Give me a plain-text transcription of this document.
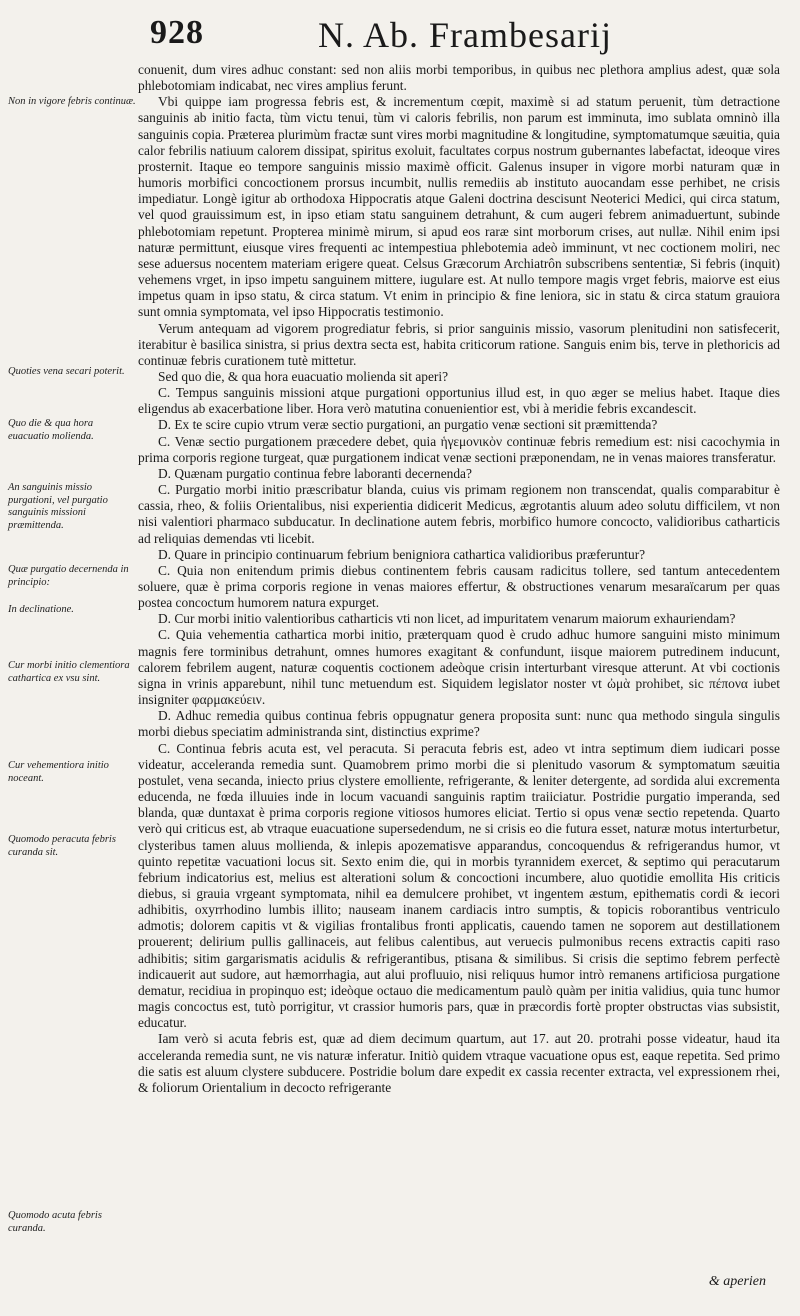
928	N. Ab. Frambesarij
Non in vigore febris continuæ.
Quoties vena secari poterit.
Quo die & qua hora euacuatio molienda.
An sanguinis missio purgationi, vel purgatio sanguinis missioni præmittenda.
Quæ purgatio decernenda in principio:
In declinatione.
Cur morbi initio clementiora cathartica ex vsu sint.
Cur vehementiora initio noceant.
Quomodo peracuta febris curanda sit.
Quomodo acuta febris curanda.

conuenit, dum vires adhuc constant: sed non aliis morbi temporibus, in quibus nec plethora amplius adest, quæ sola phlebotomiam indicabat, nec vires amplius ferunt.

Vbi quippe iam progressa febris est, & incrementum cœpit, maximè si ad statum peruenit, tùm detractione sanguinis ab initio facta, tùm victu tenui, tùm vi caloris febrilis, non parum est imminuta, imo sublata omninò illa sanguinis copia. Præterea plurimùm fractæ sunt vires morbi magnitudine & longitudine, symptomatumque sæuitia, quia calor febrilis natiuum calorem dissipat, spiritus exoluit, facultates corpus nostrum gubernantes labefactat, ideoque vires prosternit. Itaque eo tempore sanguinis missio maximè officit. Galenus insuper in vigore morbi naturam quæ in humoris morbifici concoctionem prorsus incumbit, nullis remediis ab instituto auocandam esse perhibet, ne crisis impediatur. Longè igitur ab orthodoxa Hippocratis atque Galeni doctrina descisunt Neoterici Medici, qui circa statum, vel quod grauissimum est, in ipso etiam statu sanguinem detrahunt, & cum augeri febrem animaduertunt, subinde phlebotomiam repetunt. Propterea minimè mirum, si apud eos raræ sint morborum crises, aut nullæ. Nihil enim ipsi naturæ permittunt, eiusque vires frequenti ac intempestiua phlebotemia adeò imminunt, vt nec coctionem moliri, nec sese aduersus nocentem materiam erigere queat. Celsus Græcorum Archiatrôn subscribens sententiæ, Si febris (inquit) vehemens vrget, in ipso impetu sanguinem mittere, iugulare est. At nullo tempore magis vrget febris, maiorve est eius impetus quam in ipso statu, & circa statum. Vt enim in principio & fine leniora, sic in statu & circa statum grauiora sunt omnia symptomata, vel ipso Hippocratis testimonio.

Verum antequam ad vigorem progrediatur febris, si prior sanguinis missio, vasorum plenitudini non satisfecerit, iterabitur è basilica sinistra, si prius dextra secta est, habita criticorum ratione. Sanguis enim bis, terve in plethoricis ad continuæ febris curationem tutè mittetur.

Sed quo die, & qua hora euacuatio molienda sit aperi?

C. Tempus sanguinis missioni atque purgationi opportunius illud est, in quo æger se melius habet. Itaque dies eligendus ab exacerbatione liber. Hora verò matutina conuenientior est, vbi à meridie febris excandescit.

D. Ex te scire cupio vtrum veræ sectio purgationi, an purgatio venæ sectioni sit præmittenda?

C. Venæ sectio purgationem præcedere debet, quia ἡγεμονικὸν continuæ febris remedium est: nisi cacochymia in prima corporis regione turgeat, quæ purgationem indicat venæ sectioni præponendam, ne in venas maiores transferatur.

D. Quænam purgatio continua febre laboranti decernenda?

C. Purgatio morbi initio præscribatur blanda, cuius vis primam regionem non transcendat, qualis comparabitur è cassia, rheo, & foliis Orientalibus, nisi experientia didicerit Medicus, ægrotantis aluum adeo solutu difficilem, vt non nisi valentiori pharmaco subducatur. In declinatione autem febris, morbifico humore concocto, validioribus catharticis ad reliquias demendas vti licebit.

D. Quare in principio continuarum febrium benigniora cathartica validioribus præferuntur?

C. Quia non enitendum primis diebus continentem febris causam radicitus tollere, sed tantum antecedentem soluere, quæ è prima corporis regione in venas maiores effertur, & obstructiones venarum mesaraïcarum per quas postea concoctum humorem natura expurget.

D. Cur morbi initio valentioribus catharticis vti non licet, ad impuritatem venarum maiorum exhauriendam?

C. Quia vehementia cathartica morbi initio, præterquam quod è crudo adhuc humore sanguini misto minimum magnis fere torminibus detrahunt, omnes humores exagitant & confundunt, iisque maiorem putredinem inducunt, calorem febrilem augent, naturæ coquentis coctionem adeòque crisin interturbant viresque atterunt. At vbi coctionis signa in vrinis apparebunt, nihil tunc metuendum est. Siquidem legislator noster vt ὠμὰ prohibet, sic πέπονα iubet insigniter φαρμακεύειν.

D. Adhuc remedia quibus continua febris oppugnatur genera proposita sunt: nunc qua methodo singula singulis morbi diebus speciatim administranda sint, distinctius exprime?

C. Continua febris acuta est, vel peracuta. Si peracuta febris est, adeo vt intra septimum diem iudicari posse videatur, acceleranda remedia sunt. Quamobrem primo morbi die si plenitudo vasorum & symptomatum sæuitia postulet, vena secanda, iniecto prius clystere emolliente, refrigerante, & leniter detergente, ad sordida alui excrementa educenda, ne fœda illuuies inde in locum vacuandi sanguinis raptim traiiciatur. Postridie purgatio imperanda, sed blanda, quæ duntaxat è prima corporis regione vitiosos humores eliciat. Tertio si opus venæ sectio repetenda. Quarto verò qui criticus est, ab vtraque euacuatione supersedendum, ne si crisis eo die futura esset, naturæ motus interturbetur, clysteribus tamen aluus mollienda, & inlepis apozematisve apparandus, concoquendus & refrigerandus humor, vt quinto repetitæ vacuationi locus sit. Sexto enim die, qui in morbis tyrannidem exercet, & septimo qui peracutarum febrium indicatorius est, melius est alterationi solum & concoctioni incumbere, aluo quotidie emollita His criticis diebus, si grauia vrgeant symptomata, nihil ea demulcere prohibet, vt ingentem æstum, epithematis cordi & iecori adhibitis, oxyrrhodino lumbis illito; nauseam inanem cardiacis intro sumptis, & topicis roborantibus ventriculo admotis; dolorem capitis vt & vigilias frontalibus fronti applicatis, cauendo tamen ne soporem aut destillationem prouerent; delirium pullis gallinaceis, aut felibus calentibus, aut veruecis pulmonibus recens extractis capiti raso adhibitis; sitim gargarismatis acidulis & refrigerantibus, ptisana & similibus. Si crisis die septimo febrem perfectè indicauerit aut sudore, aut hæmorrhagia, aut alui profluuio, nisi reliquus humor intrò remanens artificiosa purgatione dematur, recidiua in propinquo est; ideòque octauo die medicamentum paulò quàm per initia validius, quia tunc humor magis concoctus est, tutò porrigitur, vt crassior humoris pars, quæ in præcordis fortè propter obstructas vias subsistit, educatur.

Iam verò si acuta febris est, quæ ad diem decimum quartum, aut 17. aut 20. protrahi posse videatur, haud ita acceleranda remedia sunt, ne vis naturæ inferatur. Initiò quidem vtraque vacuatione opus est, eaque repetita. Sed primo die satis est aluum clystere subducere. Postridie bolum dare expedit ex cassia recenter extracta, vel expressionem rhei, & foliorum Orientalium in decocto refrigerante

& aperien
